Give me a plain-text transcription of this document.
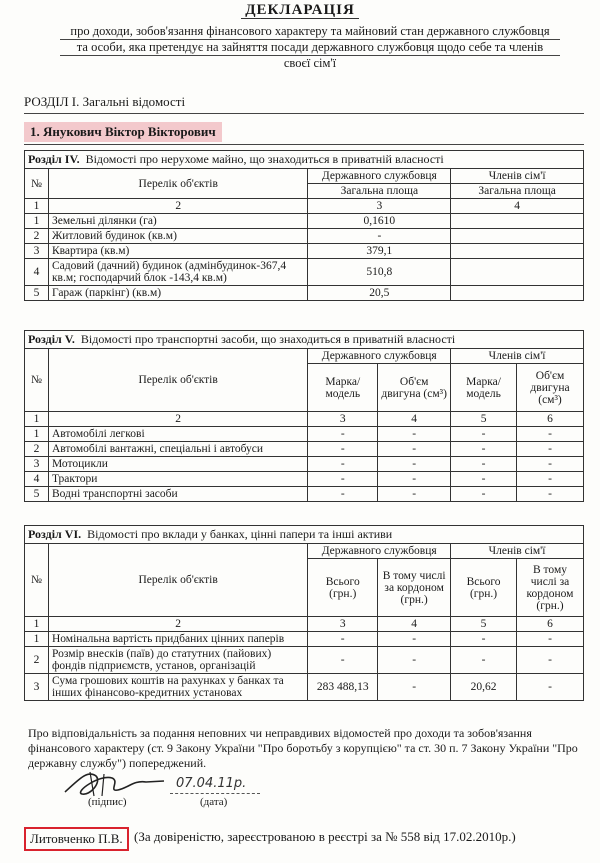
ДЕКЛАРАЦІЯ
про доходи, зобов'язання фінансового характеру та майновий стан державного службовця
та особи, яка претендує на зайняття посади державного службовця щодо себе та членів
своєї сім'ї
РОЗДІЛ І. Загальні відомості
1. Янукович Віктор Вікторович
Розділ IV. Відомості про нерухоме майно, що знаходиться в приватній власності			
№	Перелік об'єктів	Державного службовця	Членів сім'ї
		Загальна площа	Загальна площа
1	2	3	4
1	Земельні ділянки (га)	0,1610	
2	Житловий будинок (кв.м)	-	
3	Квартира (кв.м)	379,1	
4	Садовий (дачний) будинок (адмінбудинок-367,4 кв.м; господарчий блок -143,4 кв.м)	510,8	
5	Гараж (паркінг) (кв.м)	20,5	
Розділ V. Відомості про транспортні засоби, що знаходиться в приватній власності					
№	Перелік об'єктів	Державного службовця		Членів сім'ї	
		Марка/ модель	Об'єм двигуна (см³)	Марка/ модель	Об'єм двигуна (см³)
1	2	3	4	5	6
1	Автомобілі легкові	-	-	-	-
2	Автомобілі вантажні, спеціальні і автобуси	-	-	-	-
3	Мотоцикли	-	-	-	-
4	Трактори	-	-	-	-
5	Водні транспортні засоби	-	-	-	-
Розділ VI. Відомості про вклади у банках, цінні папери та інші активи					
№	Перелік об'єктів	Державного службовця		Членів сім'ї	
		Всього (грн.)	В тому числі за кордоном (грн.)	Всього (грн.)	В тому числі за кордоном (грн.)
1	2	3	4	5	6
1	Номінальна вартість придбаних цінних паперів	-	-	-	-
2	Розмір внесків (паїв) до статутних (пайових) фондів підприємств, установ, організацій	-	-	-	-
3	Сума грошових коштів на рахунках у банках та інших фінансово-кредитних установах	283 488,13	-	20,62	-
Про відповідальність за подання неповних чи неправдивих відомостей про доходи та зобов'язання фінансового характеру (ст. 9 Закону України "Про боротьбу з корупцією" та ст. 30 п. 7 Закону України "Про державну службу") попереджений.
(підпис)
07.04.11р.
(дата)
Литовченко П.В. (За довіреністю, зареєстрованою в реєстрі за № 558 від 17.02.2010р.)
